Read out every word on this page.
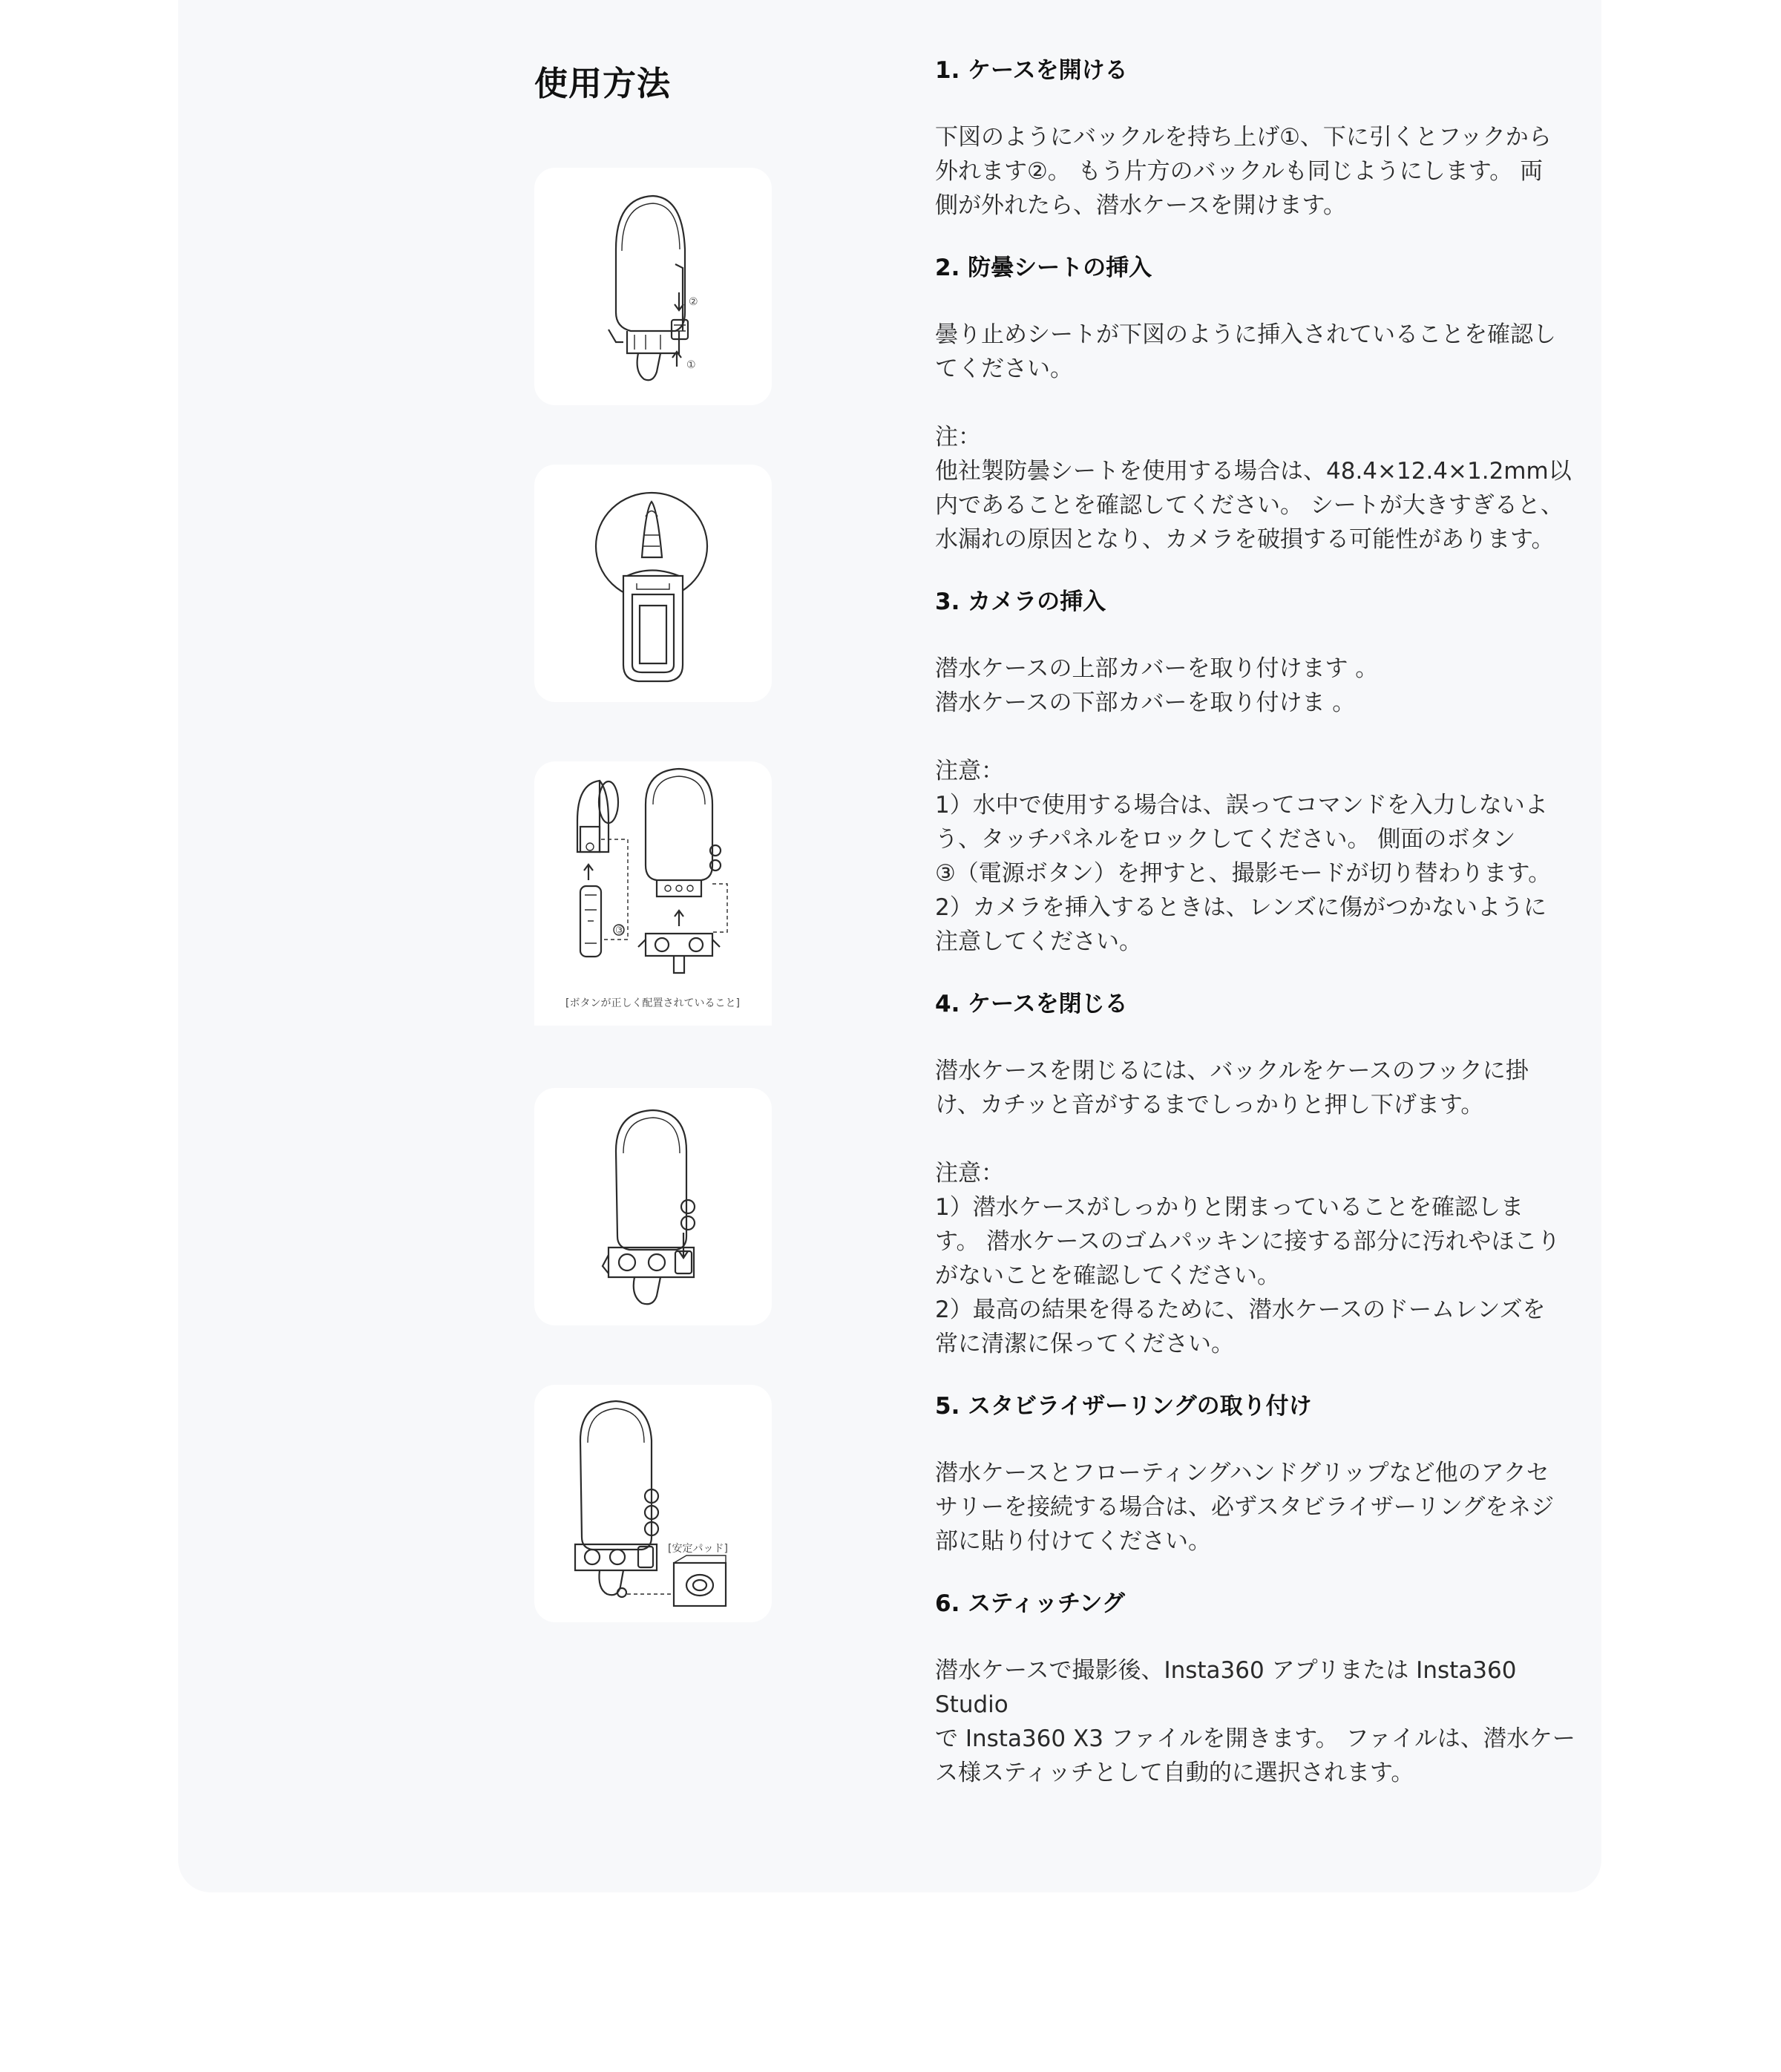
使用方法
②
①
③
[ボタンが正しく配置されていること]
[安定パッド]
1. ケースを開ける

下図のようにバックルを持ち上げ①、下に引くとフックから
外れます②。 もう片方のバックルも同じようにします。 両
側が外れたら、潜水ケースを開けます。

2. 防曇シートの挿入

曇り止めシートが下図のように挿入されていることを確認し
てください。

注：

他社製防曇シートを使用する場合は、48.4×12.4×1.2mm以
内であることを確認してください。 シートが大きすぎると、
水漏れの原因となり、カメラを破損する可能性があります。

3. カメラの挿入

潜水ケースの上部カバーを取り付けます 。
潜水ケースの下部カバーを取り付けま 。

注意：

1）水中で使用する場合は、誤ってコマンドを入力しないよ
う、タッチパネルをロックしてください。 側面のボタン
③（電源ボタン）を押すと、撮影モードが切り替わります。
2）カメラを挿入するときは、レンズに傷がつかないように
注意してください。

4. ケースを閉じる

潜水ケースを閉じるには、バックルをケースのフックに掛
け、カチッと音がするまでしっかりと押し下げます。

注意：

1）潜水ケースがしっかりと閉まっていることを確認しま
す。 潜水ケースのゴムパッキンに接する部分に汚れやほこり
がないことを確認してください。
2）最高の結果を得るために、潜水ケースのドームレンズを
常に清潔に保ってください。

5. スタビライザーリングの取り付け

潜水ケースとフローティングハンドグリップなど他のアクセ
サリーを接続する場合は、必ずスタビライザーリングをネジ
部に貼り付けてください。

6. スティッチング

潜水ケースで撮影後、Insta360 アプリまたは Insta360 Studio
で Insta360 X3 ファイルを開きます。 ファイルは、潜水ケー
ス様スティッチとして自動的に選択されます。
